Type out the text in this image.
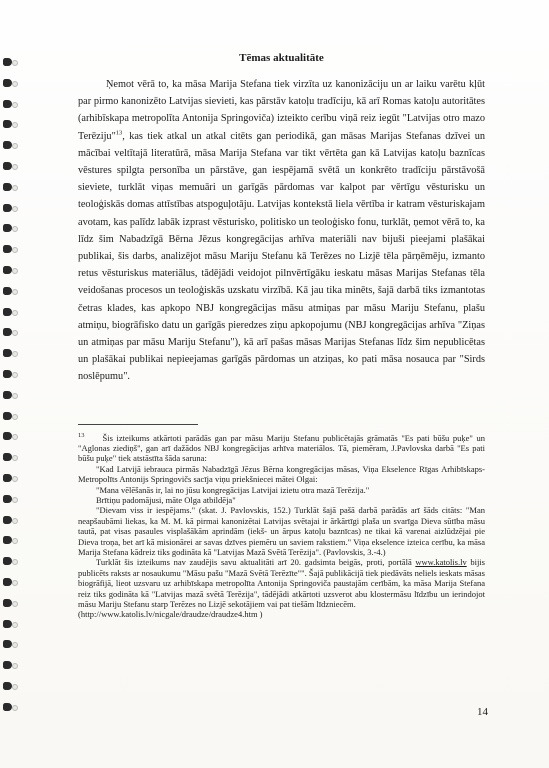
Tēmas aktualitāte

Ņemot vērā to, ka māsa Marija Stefana tiek virzīta uz kanonizāciju un ar laiku varētu kļūt par pirmo kanonizēto Latvijas sievieti, kas pārstāv katoļu tradīciju, kā arī Romas katoļu autoritātes (arhibīskapa metropolīta Antonija Springoviča) izteikto cerību viņā reiz iegūt "Latvijas otro mazo Terēziju"$^{13}$, kas tiek atkal un atkal citēts gan periodikā, gan māsas Marijas Stefanas dzīvei un mācībai veltītajā literatūrā, māsa Marija Stefana var tikt vērtēta gan kā Latvijas katoļu baznīcas vēstures spilgta personība un pārstāve, gan iespējamā svētā un konkrēto tradīciju pārstāvošā sieviete, turklāt viņas memuāri un garīgās pārdomas var kalpot par vērtīgu vēsturisku un teoloģiskās domas attīstības atspoguļotāju. Latvijas kontekstā liela vērtība ir katram vēsturiskajam avotam, kas palīdz labāk izprast vēsturisko, politisko un teoloģisko fonu, turklāt, ņemot vērā to, ka līdz šim Nabadzīgā Bērna Jēzus kongregācijas arhīva materiāli nav bijuši pieejami plašākai publikai, šis darbs, analizējot māsu Mariju Stefanu kā Terēzes no Lizjē tēla pārņēmēju, izmanto retus vēsturiskus materiālus, tādējādi veidojot pilnvērtīgāku ieskatu māsas Marijas Stefanas tēla veidošanas procesos un teoloģiskās uzskatu virzībā. Kā jau tika minēts, šajā darbā tiks izmantotas četras klades, kas apkopo NBJ kongregācijas māsu atmiņas par māsu Mariju Stefanu, plašu atmiņu, biogrāfisko datu un garīgās pieredzes ziņu apkopojumu (NBJ kongregācijas arhīva "Ziņas un atmiņas par māsu Mariju Stefanu"), kā arī pašas māsas Marijas Stefanas līdz šim nepublicētas un plašākai publikai nepieejamas garīgās pārdomas un atziņas, ko pati māsa nosauca par "Sirds noslēpumu".

$^{13}$ Šis izteikums atkārtoti parādās gan par māsu Mariju Stefanu publicētajās grāmatās "Es pati būšu puķe" un "Aglonas ziediņš", gan arī dažādos NBJ kongregācijas arhīva materiālos. Tā, piemēram, J.Pavlovska darbā "Es pati būšu puķe" tiek atstāstīta šāda saruna:

"Kad Latvijā iebrauca pirmās Nabadzīgā Jēzus Bērna kongregācijas māsas, Viņa Ekselence Rīgas Arhibīskaps-Metropolīts Antonijs Springovičs sacīja viņu priekšniecei mātei Olgai:

"Mana vēlēšanās ir, lai no jūsu kongregācijas Latvijai izietu otra mazā Terēzija."

Brītiņu padomājusi, māte Olga atbildēja"

"Dievam viss ir iespējams." (skat. J. Pavlovskis, 152.) Turklāt šajā pašā darbā parādās arī šāds citāts: "Man neapšaubāmi liekas, ka M. M. kā pirmai kanonizētai Latvijas svētajai ir ārkārtīgi plaša un svarīga Dieva sūtība māsu tautā, pat visas pasaules visplašākām aprindām (iekš- un ārpus katoļu baznīcas) ne tikai kā varenai aizlūdzējai pie Dieva troņa, bet arī kā misionārei ar savas dzīves piemēru un saviem rakstiem." Viņa ekselence izteica cerību, ka māsa Marija Stefana kādreiz tiks godināta kā "Latvijas Mazā Svētā Terēzija". (Pavlovskis, 3.-4.)

Turklāt šis izteikums nav zaudējis savu aktualitāti arī 20. gadsimta beigās, proti, portālā www.katolis.lv bijis publicēts raksts ar nosaukumu "Māsu pašu "Mazā Svētā Terēzīte"". Šajā publikācijā tiek piedāvāts neliels ieskats māsas biogrāfijā, lieot uzsvaru uz arhibīskapa metropolīta Antonija Springoviča paustajām cerībām, ka māsa Marija Stefana reiz tiks godināta kā "Latvijas mazā svētā Terēzija", tādējādi atkārtoti uzsverot abu klostermāsu līdzību un ierindojot māsu Mariju Stefanu starp Terēzes no Lizjē sekotājiem vai pat tiešām līdzniecēm.

(http://www.katolis.lv/nicgale/draudze/draudze4.htm )

14
